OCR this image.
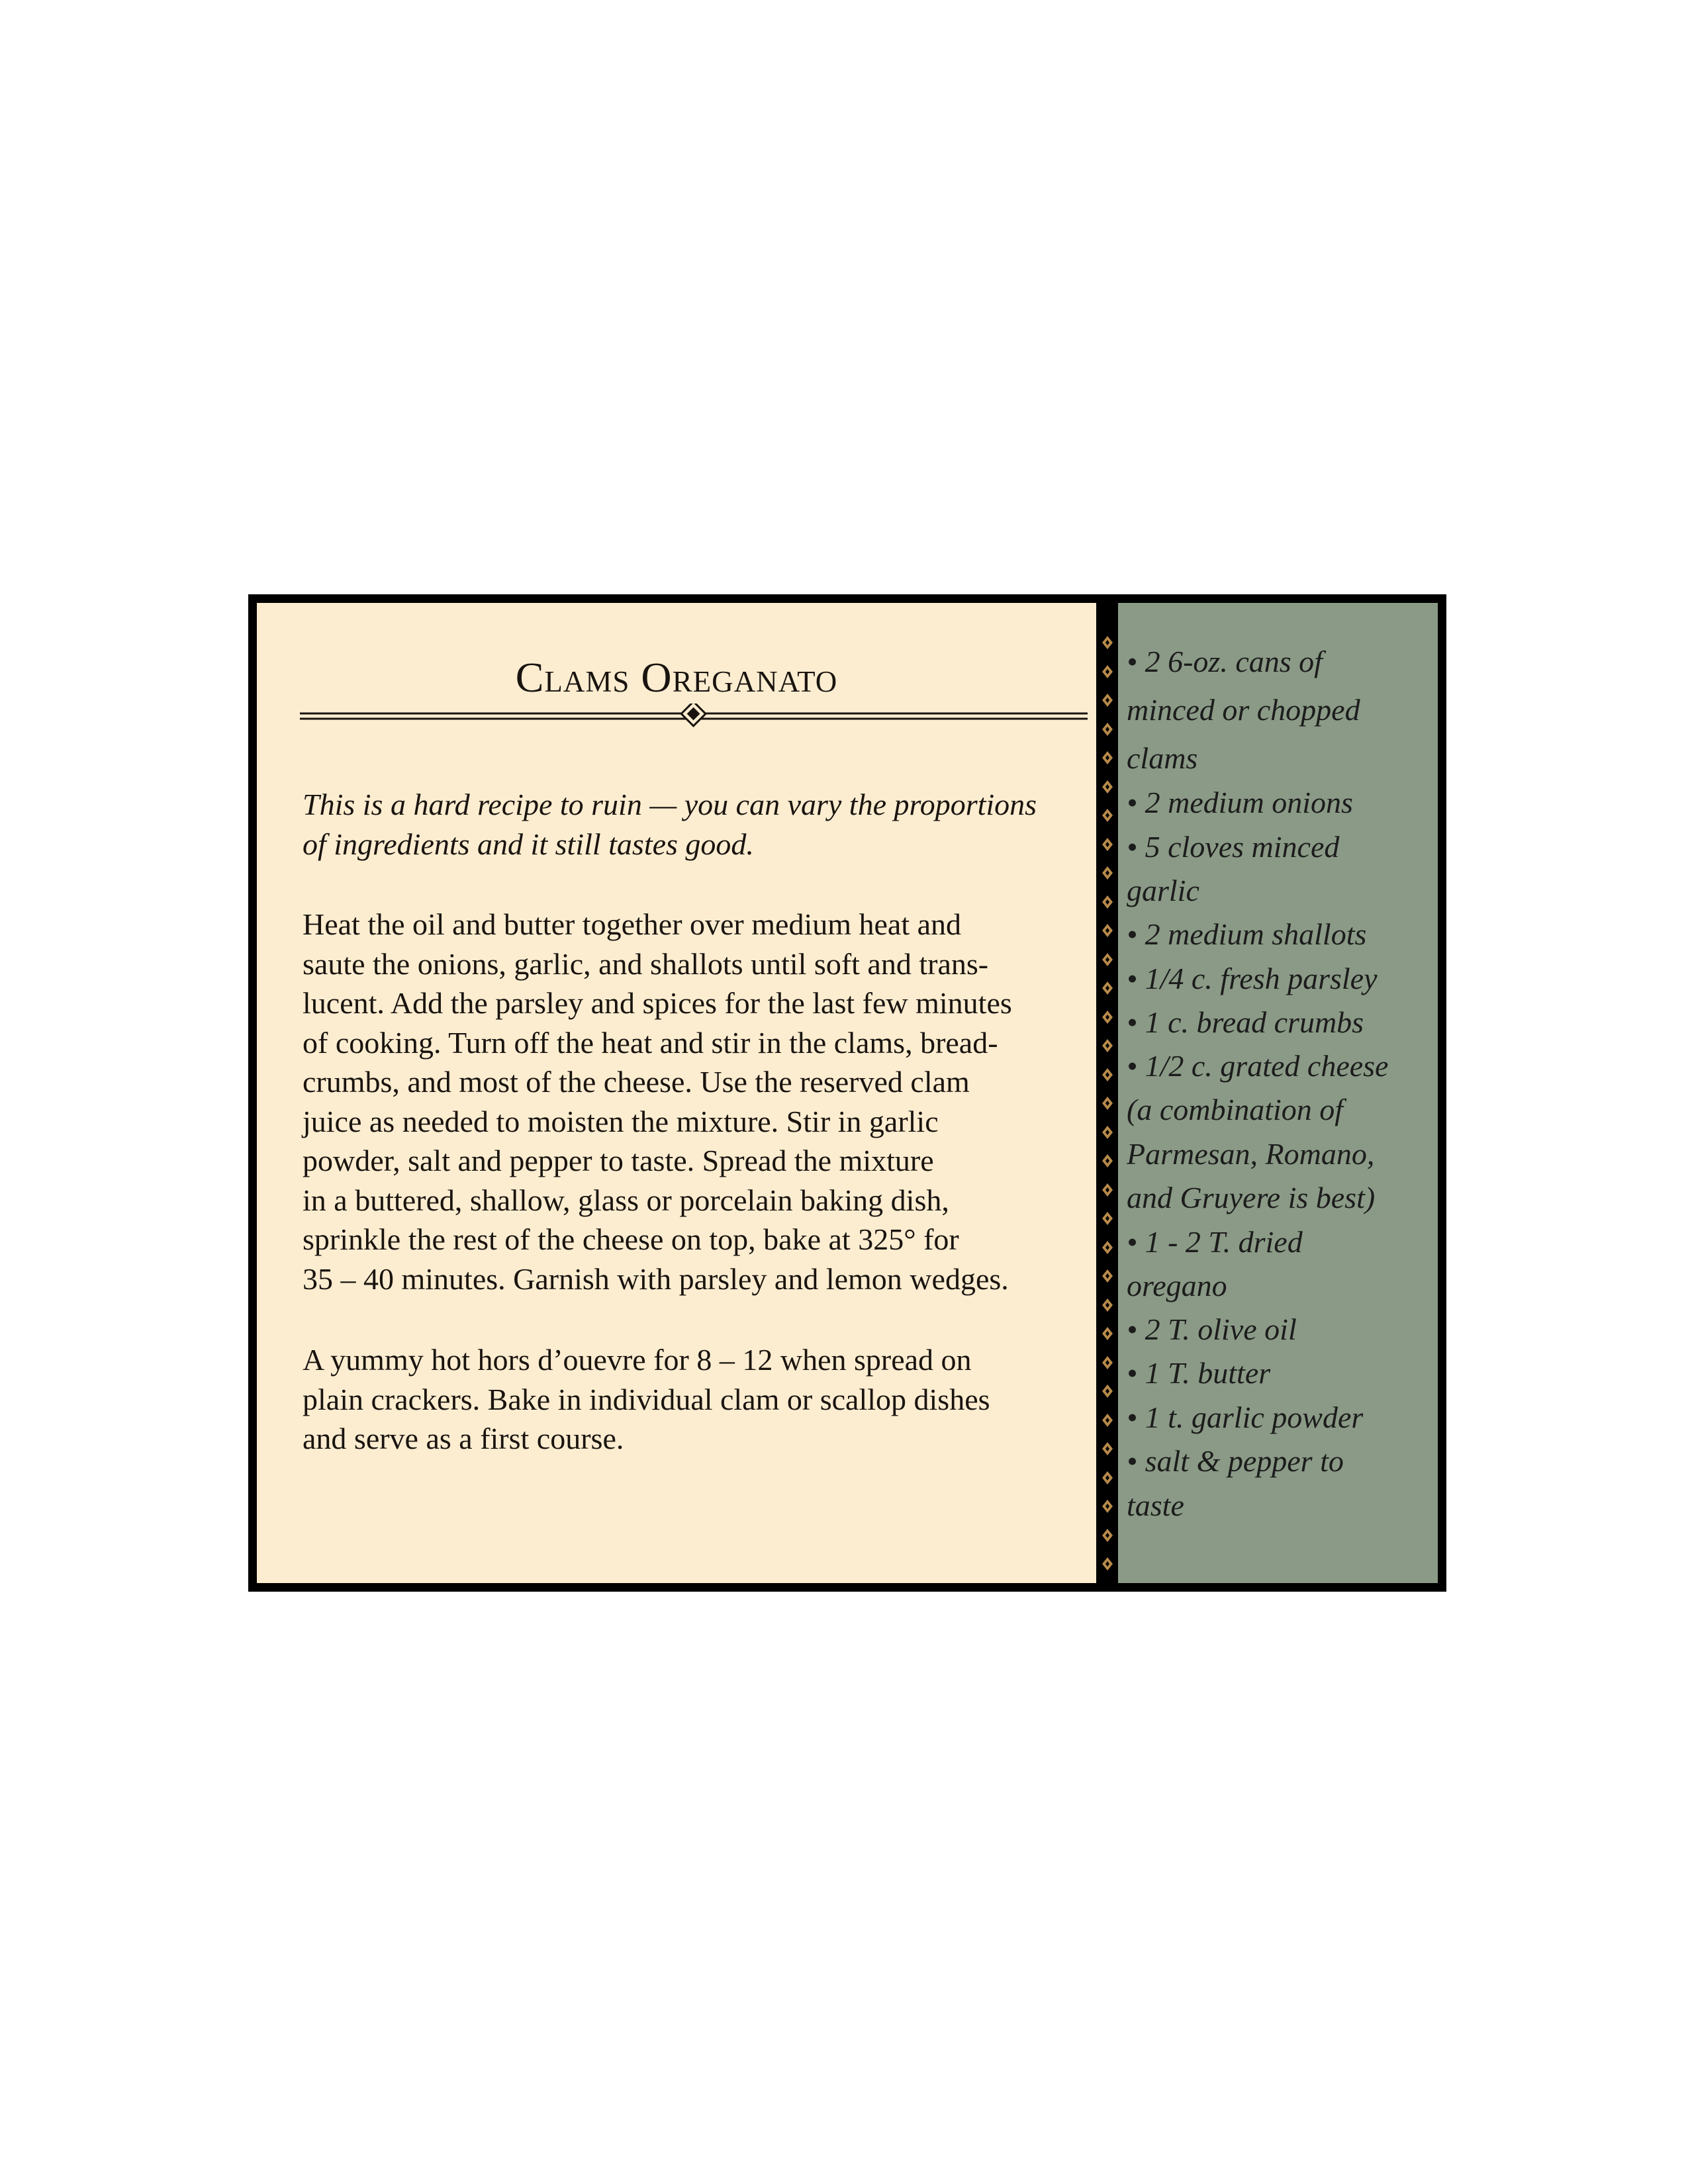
Clams Oreganato
This is a hard recipe to ruin — you can vary the proportions
of ingredients and it still tastes good.
Heat the oil and butter together over medium heat and
saute the onions, garlic, and shallots until soft and trans-
lucent. Add the parsley and spices for the last few minutes
of cooking. Turn off the heat and stir in the clams, bread-
crumbs, and most of the cheese. Use the reserved clam
juice as needed to moisten the mixture. Stir in garlic
powder, salt and pepper to taste. Spread the mixture
in a buttered, shallow, glass or porcelain baking dish,
sprinkle the rest of the cheese on top, bake at 325° for
35 – 40 minutes. Garnish with parsley and lemon wedges.
A yummy hot hors d’ouevre for 8 – 12 when spread on
plain crackers. Bake in individual clam or scallop dishes
and serve as a first course.
• 2 6-oz. cans of
minced or chopped
clams
• 2 medium onions
• 5 cloves minced
garlic
• 2 medium shallots
• 1/4 c. fresh parsley
• 1 c. bread crumbs
• 1/2 c. grated cheese
(a combination of
Parmesan, Romano,
and Gruyere is best)
• 1 - 2 T. dried
oregano
• 2 T. olive oil
• 1 T. butter
• 1 t. garlic powder
• salt & pepper to
taste
